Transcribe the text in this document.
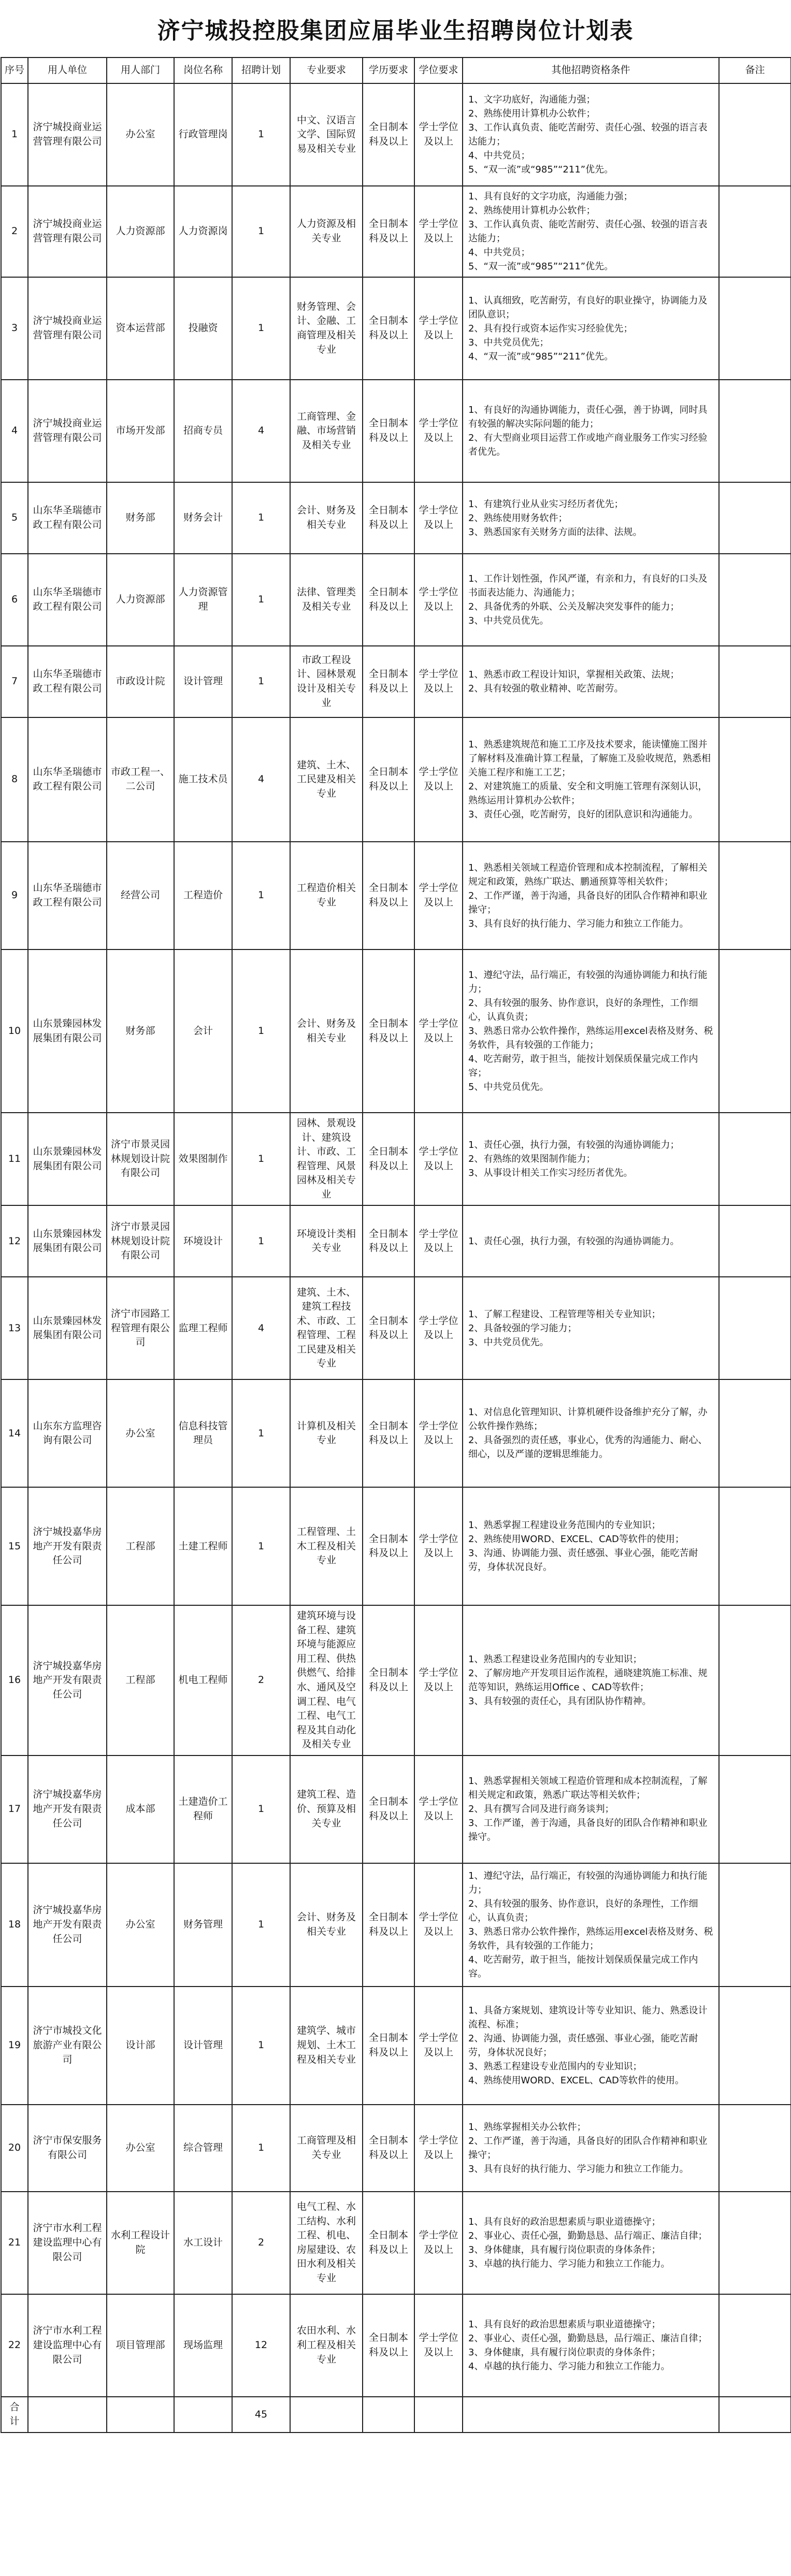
济宁城投控股集团应届毕业生招聘岗位计划表
序号	用人单位	用人部门	岗位名称	招聘计划	专业要求	学历要求	学位要求	其他招聘资格条件	备注
1	济宁城投商业运营管理有限公司	办公室	行政管理岗	1	中文、汉语言文学、国际贸易及相关专业	全日制本科及以上	学士学位及以上	1、文字功底好，沟通能力强；
2、熟练使用计算机办公软件；
3、工作认真负责、能吃苦耐劳、责任心强、较强的语言表达能力；
4、中共党员；
5、“双一流”或“985”“211”优先。	

2	济宁城投商业运营管理有限公司	人力资源部	人力资源岗	1	人力资源及相关专业	全日制本科及以上	学士学位及以上	1、具有良好的文字功底，沟通能力强；
2、熟练使用计算机办公软件；
3、工作认真负责、能吃苦耐劳、责任心强、较强的语言表达能力；
4、中共党员；
5、“双一流”或“985”“211”优先。	

3	济宁城投商业运营管理有限公司	资本运营部	投融资	1	财务管理、会计、金融、工商管理及相关专业	全日制本科及以上	学士学位及以上	1、认真细致，吃苦耐劳，有良好的职业操守，协调能力及团队意识；
2、具有投行或资本运作实习经验优先；
3、中共党员优先；
4、“双一流”或“985”“211”优先。	

4	济宁城投商业运营管理有限公司	市场开发部	招商专员	4	工商管理、金融、市场营销及相关专业	全日制本科及以上	学士学位及以上	1、有良好的沟通协调能力，责任心强，善于协调，同时具有较强的解决实际问题的能力；
2、有大型商业项目运营工作或地产商业服务工作实习经验者优先。	

5	山东华圣瑞德市政工程有限公司	财务部	财务会计	1	会计、财务及相关专业	全日制本科及以上	学士学位及以上	1、有建筑行业从业实习经历者优先；
2、熟练使用财务软件；
3、熟悉国家有关财务方面的法律、法规。	

6	山东华圣瑞德市政工程有限公司	人力资源部	人力资源管理	1	法律、管理类及相关专业	全日制本科及以上	学士学位及以上	1、工作计划性强，作风严谨，有亲和力，有良好的口头及书面表达能力、沟通能力；
2、具备优秀的外联、公关及解决突发事件的能力；
3、中共党员优先。	

7	山东华圣瑞德市政工程有限公司	市政设计院	设计管理	1	市政工程设计、园林景观设计及相关专业	全日制本科及以上	学士学位及以上	1、熟悉市政工程设计知识，掌握相关政策、法规；
2、具有较强的敬业精神、吃苦耐劳。	

8	山东华圣瑞德市政工程有限公司	市政工程一、二公司	施工技术员	4	建筑、土木、工民建及相关专业	全日制本科及以上	学士学位及以上	1、熟悉建筑规范和施工工序及技术要求，能读懂施工图并了解材料及准确计算工程量，了解施工及验收规范，熟悉相关施工程序和施工工艺；
2、对建筑施工的质量、安全和文明施工管理有深刻认识，熟练运用计算机办公软件；
3、责任心强，吃苦耐劳，良好的团队意识和沟通能力。	

9	山东华圣瑞德市政工程有限公司	经营公司	工程造价	1	工程造价相关专业	全日制本科及以上	学士学位及以上	1、熟悉相关领域工程造价管理和成本控制流程，了解相关规定和政策，熟练广联达、鹏通预算等相关软件；
2、工作严谨，善于沟通，具备良好的团队合作精神和职业操守；
3、具有良好的执行能力、学习能力和独立工作能力。	

10	山东景臻园林发展集团有限公司	财务部	会计	1	会计、财务及相关专业	全日制本科及以上	学士学位及以上	1、遵纪守法，品行端正，有较强的沟通协调能力和执行能力；
2、具有较强的服务、协作意识，良好的条理性，工作细心，认真负责；
3、熟悉日常办公软件操作，熟练运用excel表格及财务、税务软件，具有较强的工作能力；
4、吃苦耐劳，敢于担当，能按计划保质保量完成工作内容；
5、中共党员优先。	

11	山东景臻园林发展集团有限公司	济宁市景灵园林规划设计院有限公司	效果图制作	1	园林、景观设计、建筑设计、市政、工程管理、风景园林及相关专业	全日制本科及以上	学士学位及以上	1、责任心强，执行力强，有较强的沟通协调能力；
2、有熟练的效果图制作能力；
3、从事设计相关工作实习经历者优先。	

12	山东景臻园林发展集团有限公司	济宁市景灵园林规划设计院有限公司	环境设计	1	环境设计类相关专业	全日制本科及以上	学士学位及以上	1、责任心强，执行力强，有较强的沟通协调能力。	

13	山东景臻园林发展集团有限公司	济宁市园路工程管理有限公司	监理工程师	4	建筑、土木、建筑工程技术、市政、工程管理、工程工民建及相关专业	全日制本科及以上	学士学位及以上	1、了解工程建设、工程管理等相关专业知识；
2、具备较强的学习能力；
3、中共党员优先。	

14	山东东方监理咨询有限公司	办公室	信息科技管理员	1	计算机及相关专业	全日制本科及以上	学士学位及以上	1、对信息化管理知识、计算机硬件设备维护充分了解，办公软件操作熟练；
2、具备强烈的责任感，事业心，优秀的沟通能力、耐心、细心，以及严谨的逻辑思维能力。	

15	济宁城投嘉华房地产开发有限责任公司	工程部	土建工程师	1	工程管理、土木工程及相关专业	全日制本科及以上	学士学位及以上	1、熟悉掌握工程建设业务范围内的专业知识；
2、熟练使用WORD、EXCEL、CAD等软件的使用；
3、沟通、协调能力强、责任感强、事业心强，能吃苦耐劳，身体状况良好。	

16	济宁城投嘉华房地产开发有限责任公司	工程部	机电工程师	2	建筑环境与设备工程、建筑环境与能源应用工程、供热供燃气、给排水、通风及空调工程、电气工程、电气工程及其自动化及相关专业	全日制本科及以上	学士学位及以上	1、熟悉工程建设业务范围内的专业知识；
2、了解房地产开发项目运作流程，通晓建筑施工标准、规范等知识，熟练运用Office 、CAD等软件；
3、具有较强的责任心，具有团队协作精神。	

17	济宁城投嘉华房地产开发有限责任公司	成本部	土建造价工程师	1	建筑工程、造价、预算及相关专业	全日制本科及以上	学士学位及以上	1、熟悉掌握相关领域工程造价管理和成本控制流程，了解相关规定和政策，熟悉广联达等相关软件；
2、具有撰写合同及进行商务谈判；
3、工作严谨，善于沟通，具备良好的团队合作精神和职业操守。	

18	济宁城投嘉华房地产开发有限责任公司	办公室	财务管理	1	会计、财务及相关专业	全日制本科及以上	学士学位及以上	1、遵纪守法，品行端正，有较强的沟通协调能力和执行能力；
2、具有较强的服务、协作意识，良好的条理性，工作细心，认真负责；
3、熟悉日常办公软件操作，熟练运用excel表格及财务、税务软件，具有较强的工作能力；
4、吃苦耐劳，敢于担当，能按计划保质保量完成工作内容。	

19	济宁市城投文化旅游产业有限公司	设计部	设计管理	1	建筑学、城市规划、土木工程及相关专业	全日制本科及以上	学士学位及以上	1、具备方案规划、建筑设计等专业知识、能力、熟悉设计流程、标准；
2、沟通、协调能力强，责任感强、事业心强，能吃苦耐劳，身体状况良好；
3、熟悉工程建设专业范围内的专业知识；
4、熟练使用WORD、EXCEL、CAD等软件的使用。	

20	济宁市保安服务有限公司	办公室	综合管理	1	工商管理及相关专业	全日制本科及以上	学士学位及以上	1、熟练掌握相关办公软件；
2、工作严谨，善于沟通，具备良好的团队合作精神和职业操守；
3、具有良好的执行能力、学习能力和独立工作能力。	

21	济宁市水利工程建设监理中心有限公司	水利工程设计院	水工设计	2	电气工程、水工结构、水利工程、机电、房屋建设、农田水利及相关专业	全日制本科及以上	学士学位及以上	1、具有良好的政治思想素质与职业道德操守；
2、事业心、责任心强，勤勤恳恳、品行端正、廉洁自律；
3、身体健康，具有履行岗位职责的身体条件；
3、卓越的执行能力、学习能力和独立工作能力。	

22	济宁市水利工程建设监理中心有限公司	项目管理部	现场监理	12	农田水利、水利工程及相关专业	全日制本科及以上	学士学位及以上	1、具有良好的政治思想素质与职业道德操守；
2、事业心、责任心强，勤勤恳恳，品行端正、廉洁自律；
3、身体健康，具有履行岗位职责的身体条件；
4、卓越的执行能力、学习能力和独立工作能力。	

合计				45					
